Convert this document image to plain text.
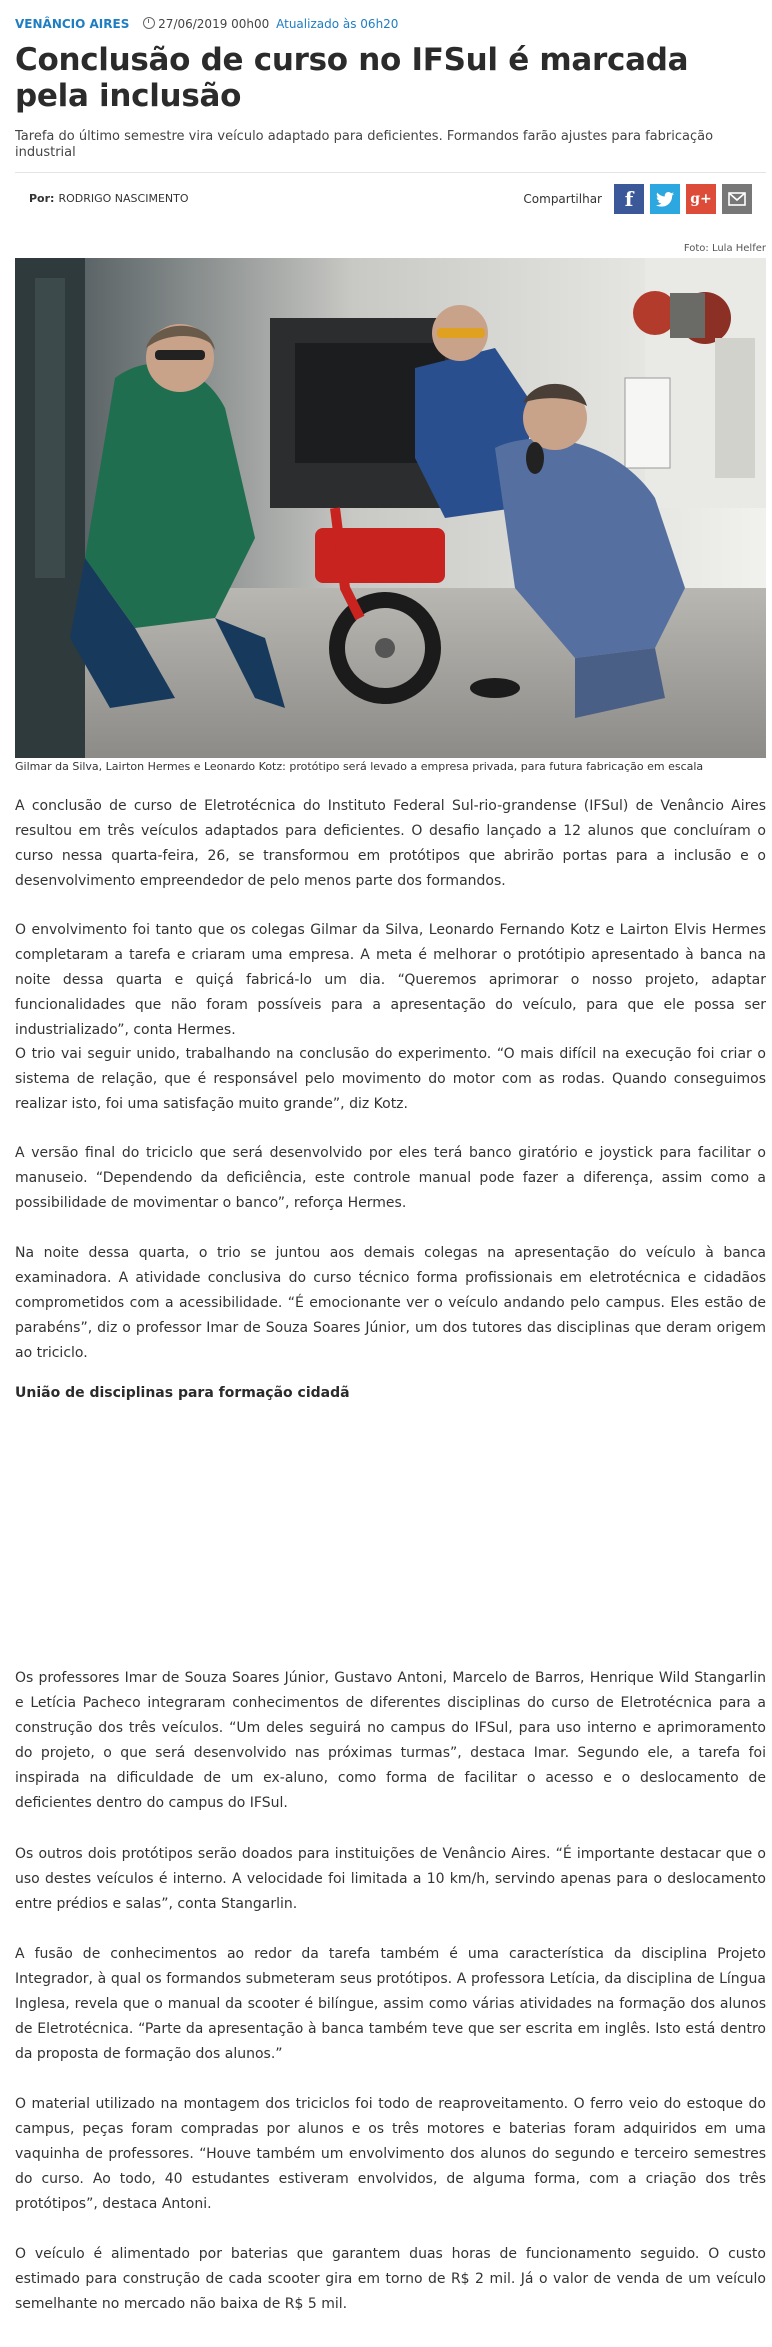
VENÂNCIO AIRES 27/06/2019 00h00 Atualizado às 06h20
Conclusão de curso no IFSul é marcada pela inclusão

Tarefa do último semestre vira veículo adaptado para deficientes. Formandos farão ajustes para fabricação industrial

Por: RODRIGO NASCIMENTO	Compartilhar f	g+
Foto: Lula Helfer
Gilmar da Silva, Lairton Hermes e Leonardo Kotz: protótipo será levado a empresa privada, para futura fabricação em escala

A conclusão de curso de Eletrotécnica do Instituto Federal Sul-rio-grandense (IFSul) de Venâncio Aires resultou em três veículos adaptados para deficientes. O desafio lançado a 12 alunos que concluíram o curso nessa quarta-feira, 26, se transformou em protótipos que abrirão portas para a inclusão e o desenvolvimento empreendedor de pelo menos parte dos formandos.

O envolvimento foi tanto que os colegas Gilmar da Silva, Leonardo Fernando Kotz e Lairton Elvis Hermes completaram a tarefa e criaram uma empresa. A meta é melhorar o protótipio apresentado à banca na noite dessa quarta e quiçá fabricá-lo um dia. “Queremos aprimorar o nosso projeto, adaptar funcionalidades que não foram possíveis para a apresentação do veículo, para que ele possa ser industrializado”, conta Hermes.

O trio vai seguir unido, trabalhando na conclusão do experimento. “O mais difícil na execução foi criar o sistema de relação, que é responsável pelo movimento do motor com as rodas. Quando conseguimos realizar isto, foi uma satisfação muito grande”, diz Kotz.

A versão final do triciclo que será desenvolvido por eles terá banco giratório e joystick para facilitar o manuseio. “Dependendo da deficiência, este controle manual pode fazer a diferença, assim como a possibilidade de movimentar o banco”, reforça Hermes.

Na noite dessa quarta, o trio se juntou aos demais colegas na apresentação do veículo à banca examinadora. A atividade conclusiva do curso técnico forma profissionais em eletrotécnica e cidadãos comprometidos com a acessibilidade. “É emocionante ver o veículo andando pelo campus. Eles estão de parabéns”, diz o professor Imar de Souza Soares Júnior, um dos tutores das disciplinas que deram origem ao triciclo.

União de disciplinas para formação cidadã

Os professores Imar de Souza Soares Júnior, Gustavo Antoni, Marcelo de Barros, Henrique Wild Stangarlin e Letícia Pacheco integraram conhecimentos de diferentes disciplinas do curso de Eletrotécnica para a construção dos três veículos. “Um deles seguirá no campus do IFSul, para uso interno e aprimoramento do projeto, o que será desenvolvido nas próximas turmas”, destaca Imar. Segundo ele, a tarefa foi inspirada na dificuldade de um ex-aluno, como forma de facilitar o acesso e o deslocamento de deficientes dentro do campus do IFSul.

Os outros dois protótipos serão doados para instituições de Venâncio Aires. “É importante destacar que o uso destes veículos é interno. A velocidade foi limitada a 10 km/h, servindo apenas para o deslocamento entre prédios e salas”, conta Stangarlin.

A fusão de conhecimentos ao redor da tarefa também é uma característica da disciplina Projeto Integrador, à qual os formandos submeteram seus protótipos. A professora Letícia, da disciplina de Língua Inglesa, revela que o manual da scooter é bilíngue, assim como várias atividades na formação dos alunos de Eletrotécnica. “Parte da apresentação à banca também teve que ser escrita em inglês. Isto está dentro da proposta de formação dos alunos.”

O material utilizado na montagem dos triciclos foi todo de reaproveitamento. O ferro veio do estoque do campus, peças foram compradas por alunos e os três motores e baterias foram adquiridos em uma vaquinha de professores. “Houve também um envolvimento dos alunos do segundo e terceiro semestres do curso. Ao todo, 40 estudantes estiveram envolvidos, de alguma forma, com a criação dos três protótipos”, destaca Antoni.

O veículo é alimentado por baterias que garantem duas horas de funcionamento seguido. O custo estimado para construção de cada scooter gira em torno de R$ 2 mil. Já o valor de venda de um veículo semelhante no mercado não baixa de R$ 5 mil.
